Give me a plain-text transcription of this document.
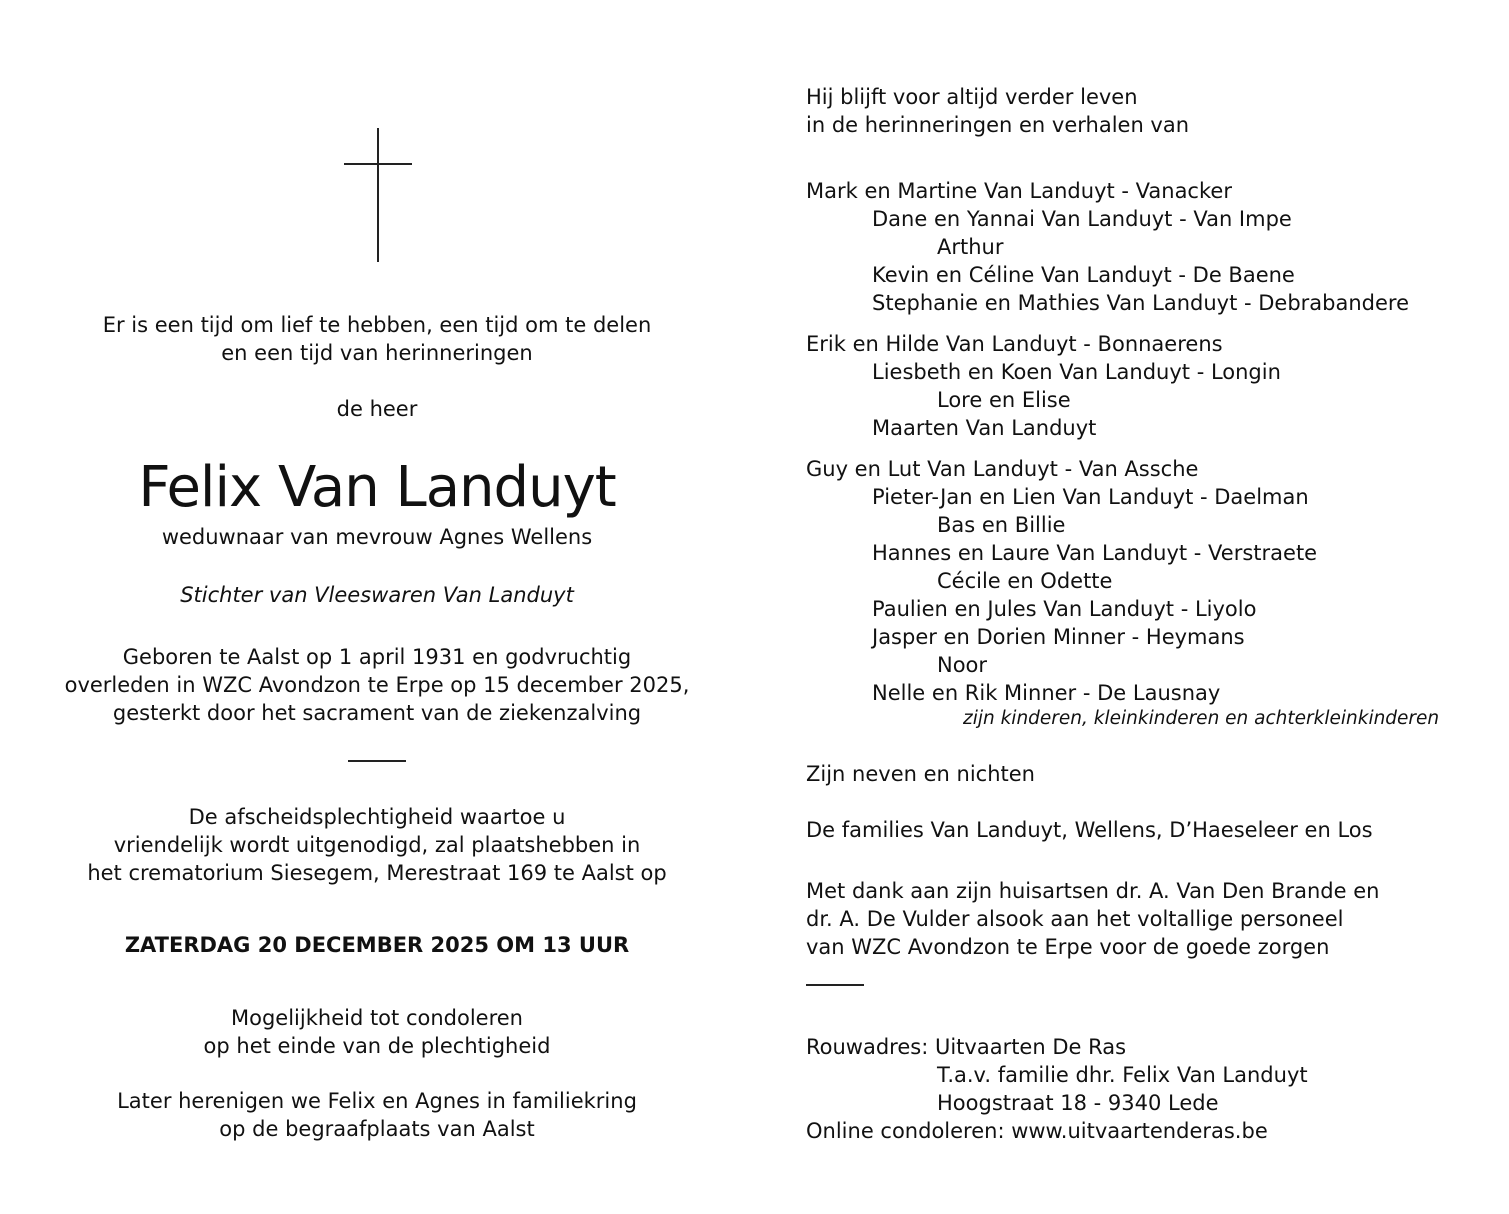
Er is een tijd om lief te hebben, een tijd om te delen
en een tijd van herinneringen
de heer
Felix Van Landuyt
weduwnaar van mevrouw Agnes Wellens
Stichter van Vleeswaren Van Landuyt
Geboren te Aalst op 1 april 1931 en godvruchtig
overleden in WZC Avondzon te Erpe op 15 december 2025,
gesterkt door het sacrament van de ziekenzalving
De afscheidsplechtigheid waartoe u
vriendelijk wordt uitgenodigd, zal plaatshebben in
het crematorium Siesegem, Merestraat 169 te Aalst op
ZATERDAG 20 DECEMBER 2025 OM 13 UUR
Mogelijkheid tot condoleren
op het einde van de plechtigheid
Later herenigen we Felix en Agnes in familiekring
op de begraafplaats van Aalst
Hij blijft voor altijd verder leven
in de herinneringen en verhalen van
Mark en Martine Van Landuyt - Vanacker
Dane en Yannai Van Landuyt - Van Impe
Arthur
Kevin en Céline Van Landuyt - De Baene
Stephanie en Mathies Van Landuyt - Debrabandere
Erik en Hilde Van Landuyt - Bonnaerens
Liesbeth en Koen Van Landuyt - Longin
Lore en Elise
Maarten Van Landuyt
Guy en Lut Van Landuyt - Van Assche
Pieter-Jan en Lien Van Landuyt - Daelman
Bas en Billie
Hannes en Laure Van Landuyt - Verstraete
Cécile en Odette
Paulien en Jules Van Landuyt - Liyolo
Jasper en Dorien Minner - Heymans
Noor
Nelle en Rik Minner - De Lausnay
zijn kinderen, kleinkinderen en achterkleinkinderen
Zijn neven en nichten
De families Van Landuyt, Wellens, D’Haeseleer en Los
Met dank aan zijn huisartsen dr. A. Van Den Brande en
dr. A. De Vulder alsook aan het voltallige personeel
van WZC Avondzon te Erpe voor de goede zorgen
Rouwadres: Uitvaarten De Ras
T.a.v. familie dhr. Felix Van Landuyt
Hoogstraat 18 - 9340 Lede
Online condoleren: www.uitvaartenderas.be
